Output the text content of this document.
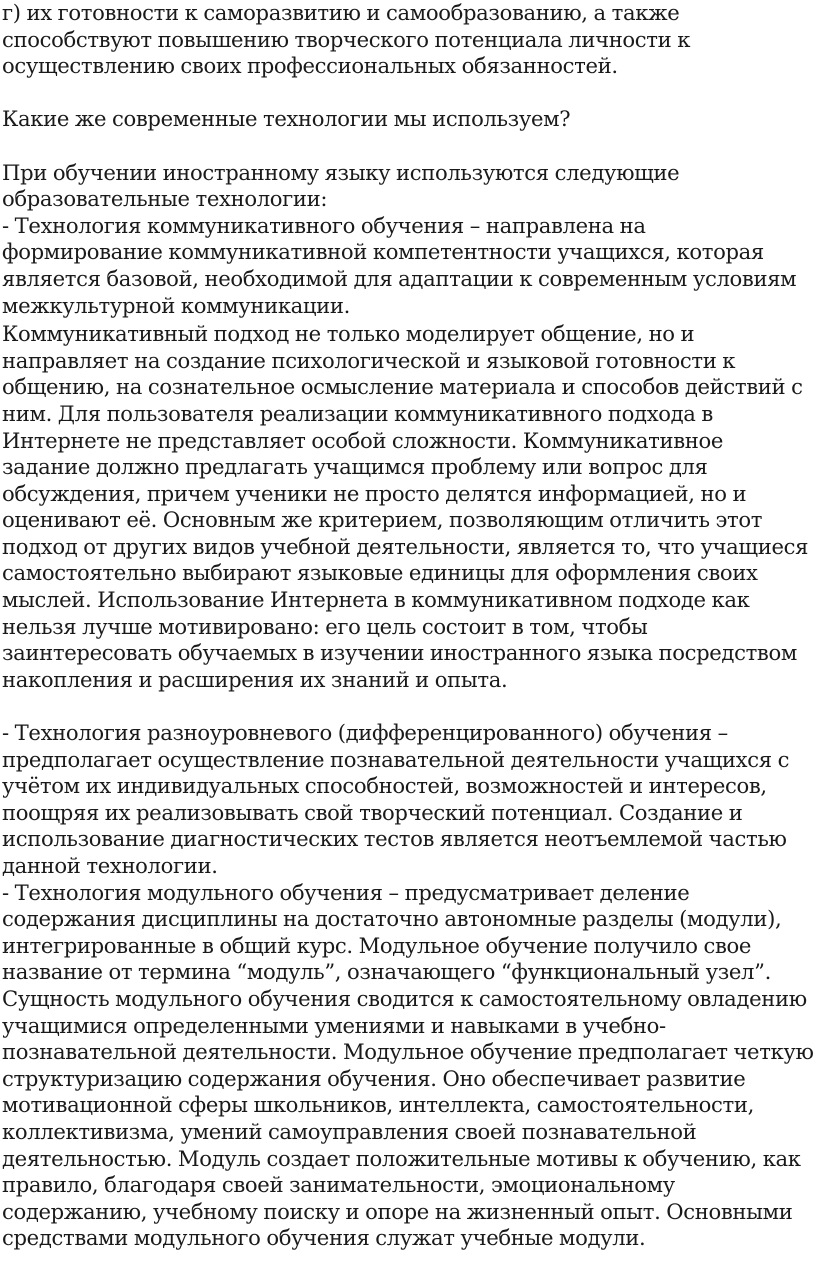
г) их готовности к саморазвитию и самообразованию, а также
способствуют повышению творческого потенциала личности к
осуществлению своих профессиональных обязанностей.
Какие же современные технологии мы используем?
При обучении иностранному языку используются следующие
образовательные технологии:
- Технология коммуникативного обучения – направлена на
формирование коммуникативной компетентности учащихся, которая
является базовой, необходимой для адаптации к современным условиям
межкультурной коммуникации.
Коммуникативный подход не только моделирует общение, но и
направляет на создание психологической и языковой готовности к
общению, на сознательное осмысление материала и способов действий с
ним. Для пользователя реализации коммуникативного подхода в
Интернете не представляет особой сложности. Коммуникативное
задание должно предлагать учащимся проблему или вопрос для
обсуждения, причем ученики не просто делятся информацией, но и
оценивают её. Основным же критерием, позволяющим отличить этот
подход от других видов учебной деятельности, является то, что учащиеся
самостоятельно выбирают языковые единицы для оформления своих
мыслей. Использование Интернета в коммуникативном подходе как
нельзя лучше мотивировано: его цель состоит в том, чтобы
заинтересовать обучаемых в изучении иностранного языка посредством
накопления и расширения их знаний и опыта.
- Технология разноуровневого (дифференцированного) обучения –
предполагает осуществление познавательной деятельности учащихся с
учётом их индивидуальных способностей, возможностей и интересов,
поощряя их реализовывать свой творческий потенциал. Создание и
использование диагностических тестов является неотъемлемой частью
данной технологии.
- Технология модульного обучения – предусматривает деление
содержания дисциплины на достаточно автономные разделы (модули),
интегрированные в общий курс. Модульное обучение получило свое
название от термина “модуль”, означающего “функциональный узел”.
Сущность модульного обучения сводится к самостоятельному овладению
учащимися определенными умениями и навыками в учебно-
познавательной деятельности. Модульное обучение предполагает четкую
структуризацию содержания обучения. Оно обеспечивает развитие
мотивационной сферы школьников, интеллекта, самостоятельности,
коллективизма, умений самоуправления своей познавательной
деятельностью. Модуль создает положительные мотивы к обучению, как
правило, благодаря своей занимательности, эмоциональному
содержанию, учебному поиску и опоре на жизненный опыт. Основными
средствами модульного обучения служат учебные модули.
